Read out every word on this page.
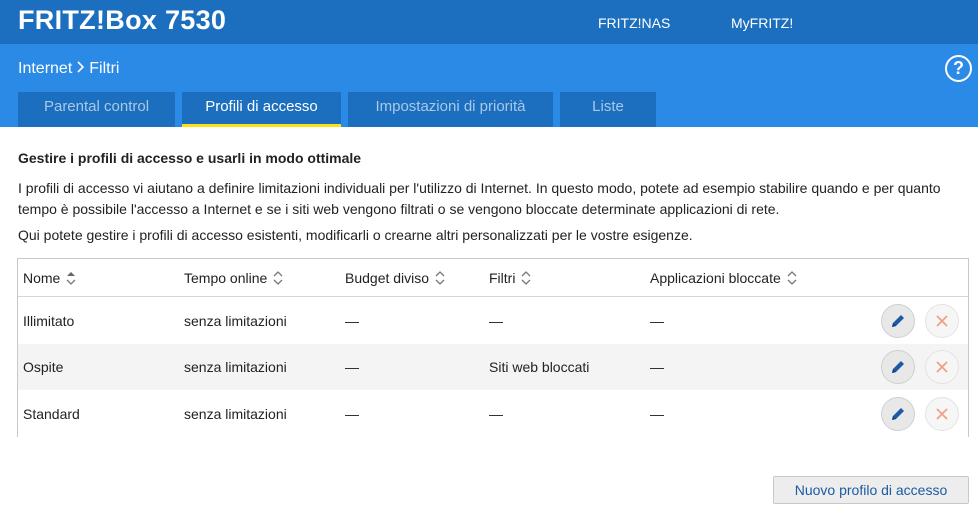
FRITZ!Box 7530	FRITZ!NAS	MyFRITZ!
Internet Filtri	?
Parental control	Profili di accesso	Impostazioni di priorità	Liste
Gestire i profili di accesso e usarli in modo ottimale
I profili di accesso vi aiutano a definire limitazioni individuali per l'utilizzo di Internet. In questo modo, potete ad esempio stabilire quando e per quanto tempo è possibile l'accesso a Internet e se i siti web vengono filtrati o se vengono bloccate determinate applicazioni di rete.
Qui potete gestire i profili di accesso esistenti, modificarli o crearne altri personalizzati per le vostre esigenze.
Nome	Tempo online	Budget diviso	Filtri	Applicazioni bloccate
Illimitato	senza limitazioni	—	—	—
Ospite	senza limitazioni	—	Siti web bloccati	—
Standard	senza limitazioni	—	—	—
Nuovo profilo di accesso
